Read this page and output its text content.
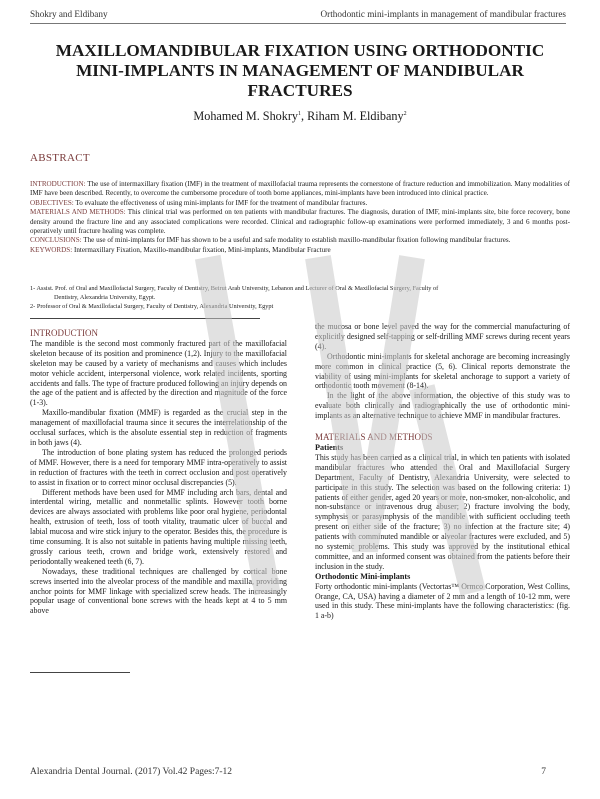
Shokry and Eldibany	Orthodontic mini-implants in management of mandibular fractures
MAXILLOMANDIBULAR FIXATION USING ORTHODONTIC MINI-IMPLANTS IN MANAGEMENT OF MANDIBULAR FRACTURES
Mohamed M. Shokry$^1$, Riham M. Eldibany$^2$
ABSTRACT

INTRODUCTION: The use of intermaxillary fixation (IMF) in the treatment of maxillofacial trauma represents the cornerstone of fracture reduction and immobilization. Many modalities of IMF have been described. Recently, to overcome the cumbersome procedure of tooth borne appliances, mini-implants have been introduced into clinical practice.

OBJECTIVES: To evaluate the effectiveness of using mini-implants for IMF for the treatment of mandibular fractures.

MATERIALS AND METHODS: This clinical trial was performed on ten patients with mandibular fractures. The diagnosis, duration of IMF, mini-implants site, bite force recovery, bone density around the fracture line and any associated complications were recorded. Clinical and radiographic follow-up examinations were performed immediately, 3 and 6 months post-operatively until fracture healing was complete.

CONCLUSIONS: The use of mini-implants for IMF has shown to be a useful and safe modality to establish maxillo-mandibular fixation following mandibular fractures.

KEYWORDS: Intermaxillary Fixation, Maxillo-mandibular fixation, Mini-implants, Mandibular Fracture

1- Assist. Prof. of Oral and Maxillofacial Surgery, Faculty of Dentistry, Beirut Arab University, Lebanon and Lecturer of Oral & Maxillofacial Surgery, Faculty of

Dentistry, Alexandria University, Egypt.

2- Professor of Oral & Maxillofacial Surgery, Faculty of Dentistry, Alexandria University, Egypt

INTRODUCTION

The mandible is the second most commonly fractured part of the maxillofacial skeleton because of its position and prominence (1,2). Injury to the maxillofacial skeleton may be caused by a variety of mechanisms and causes which includes motor vehicle accident, interpersonal violence, work related incidents, sporting accidents and falls. The type of fracture produced following an injury depends on the age of the patient and is affected by the direction and magnitude of the force (1-3).

Maxillo-mandibular fixation (MMF) is regarded as the crucial step in the management of maxillofacial trauma since it secures the interrelationship of the occlusal surfaces, which is the absolute essential step in reduction of fragments in both jaws (4).

The introduction of bone plating system has reduced the prolonged periods of MMF. However, there is a need for temporary MMF intra-operatively to assist in reduction of fractures with the teeth in correct occlusion and post operatively to assist in fixation or to correct minor occlusal discrepancies (5).

Different methods have been used for MMF including arch bars, dental and interdental wiring, metallic and nonmetallic splints. However tooth borne devices are always associated with problems like poor oral hygiene, periodontal health, extrusion of teeth, loss of tooth vitality, traumatic ulcer of buccal and labial mucosa and wire stick injury to the operator. Besides this, the procedure is time consuming. It is also not suitable in patients having multiple missing teeth, grossly carious teeth, crown and bridge work, extensively restored and periodontally weakened teeth (6, 7).

Nowadays, these traditional techniques are challenged by cortical bone screws inserted into the alveolar process of the mandible and maxilla, providing anchor points for MMF linkage with specialized screw heads. The increasingly popular usage of conventional bone screws with the heads kept at 4 to 5 mm above

the mucosa or bone level paved the way for the commercial manufacturing of explicitly designed self-tapping or self-drilling MMF screws during recent years (4).

Orthodontic mini-implants for skeletal anchorage are becoming increasingly more common in clinical practice (5, 6). Clinical reports demonstrate the viability of using mini-implants for skeletal anchorage to support a variety of orthodontic tooth movement (8-14).

In the light of the above information, the objective of this study was to evaluate both clinically and radiographically the use of orthodontic mini-implants as an alternative technique to achieve MMF in mandibular fractures.

MATERIALS AND METHODS

Patients

This study has been carried as a clinical trial, in which ten patients with isolated mandibular fractures who attended the Oral and Maxillofacial Surgery Department, Faculty of Dentistry, Alexandria University, were selected to participate in this study. The selection was based on the following criteria: 1) patients of either gender, aged 20 years or more, non-smoker, non-alcoholic, and non-substance or intravenous drug abuser; 2) fracture involving the body, symphysis or parasymphysis of the mandible with sufficient occluding teeth present on either side of the fracture; 3) no infection at the fracture site; 4) patients with comminuted mandible or alveolar fractures were excluded, and 5) no systemic problems. This study was approved by the institutional ethical committee, and an informed consent was obtained from the patients before their inclusion in the study.

Orthodontic Mini-implants

Forty orthodontic mini-implants (Vectortas™ Ormco Corporation, West Collins, Orange, CA, USA) having a diameter of 2 mm and a length of 10-12 mm, were used in this study. These mini-implants have the following characteristics: (fig. 1 a-b)

Alexandria Dental Journal. (2017) Vol.42 Pages:7-12	7
